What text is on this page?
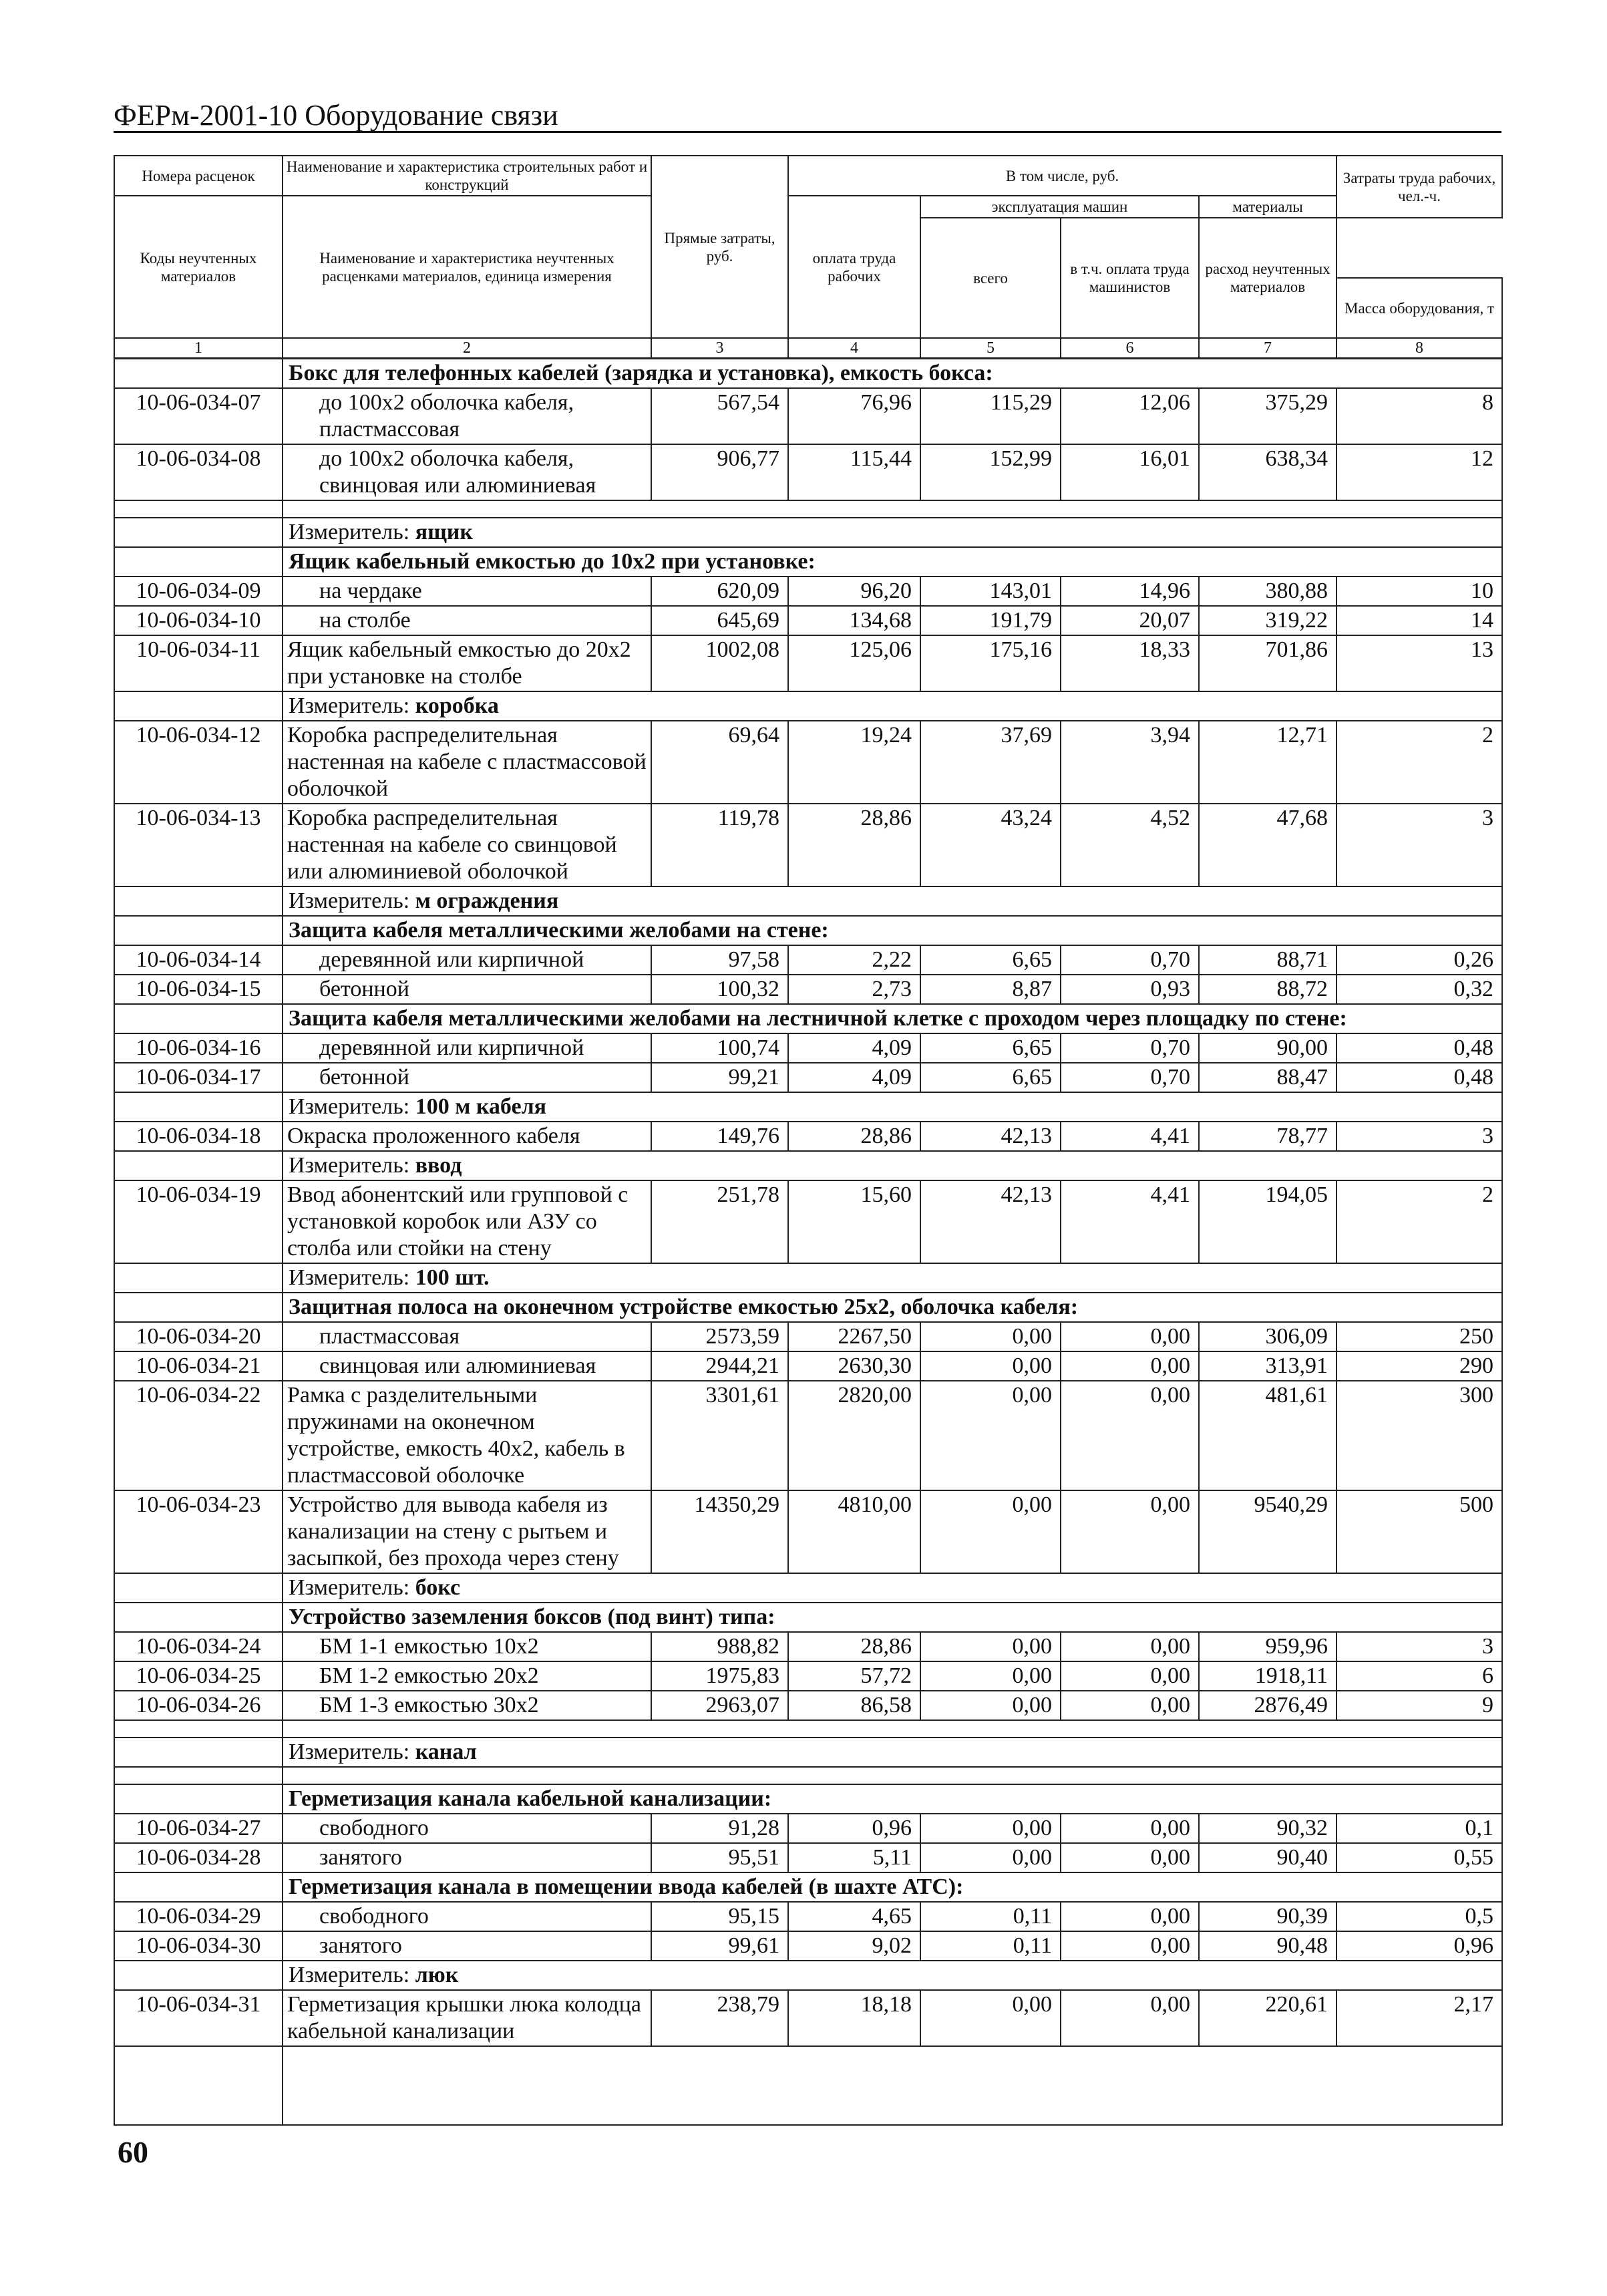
ФЕРм-2001-10 Оборудование связи
Номера расценок	Наименование и характеристика строительных работ и конструкций	Прямые затраты, руб.	В том числе, руб.				Затраты труда рабочих, чел.-ч.
Коды неучтенных материалов	Наименование и характеристика неучтенных расценками материалов, единица измерения		оплата труда рабочих	эксплуатация машин		материалы	
				всего	в т.ч. оплата труда машинистов	расход неучтенных материалов	
							Масса оборудования, т
1	2	3	4	5	6	7	8
	Бокс для телефонных кабелей (зарядка и установка), емкость бокса:						
10-06-034-07	до 100х2 оболочка кабеля, пластмассовая	567,54	76,96	115,29	12,06	375,29	8
10-06-034-08	до 100х2 оболочка кабеля, свинцовая или алюминиевая	906,77	115,44	152,99	16,01	638,34	12

	Измеритель: ящик						
	Ящик кабельный емкостью до 10х2 при установке:						
10-06-034-09	на чердаке	620,09	96,20	143,01	14,96	380,88	10
10-06-034-10	на столбе	645,69	134,68	191,79	20,07	319,22	14
10-06-034-11	Ящик кабельный емкостью до 20х2 при установке на столбе	1002,08	125,06	175,16	18,33	701,86	13
	Измеритель: коробка						
10-06-034-12	Коробка распределительная настенная на кабеле с пластмассовой оболочкой	69,64	19,24	37,69	3,94	12,71	2
10-06-034-13	Коробка распределительная настенная на кабеле со свинцовой или алюминиевой оболочкой	119,78	28,86	43,24	4,52	47,68	3
	Измеритель: м ограждения						
	Защита кабеля металлическими желобами на стене:						
10-06-034-14	деревянной или кирпичной	97,58	2,22	6,65	0,70	88,71	0,26
10-06-034-15	бетонной	100,32	2,73	8,87	0,93	88,72	0,32
	Защита кабеля металлическими желобами на лестничной клетке с проходом через площадку по стене:						
10-06-034-16	деревянной или кирпичной	100,74	4,09	6,65	0,70	90,00	0,48
10-06-034-17	бетонной	99,21	4,09	6,65	0,70	88,47	0,48
	Измеритель: 100 м кабеля						
10-06-034-18	Окраска проложенного кабеля	149,76	28,86	42,13	4,41	78,77	3
	Измеритель: ввод						
10-06-034-19	Ввод абонентский или групповой с установкой коробок или АЗУ со столба или стойки на стену	251,78	15,60	42,13	4,41	194,05	2
	Измеритель: 100 шт.						
	Защитная полоса на оконечном устройстве емкостью 25х2, оболочка кабеля:						
10-06-034-20	пластмассовая	2573,59	2267,50	0,00	0,00	306,09	250
10-06-034-21	свинцовая или алюминиевая	2944,21	2630,30	0,00	0,00	313,91	290
10-06-034-22	Рамка с разделительными пружинами на оконечном устройстве, емкость 40х2, кабель в пластмассовой оболочке	3301,61	2820,00	0,00	0,00	481,61	300
10-06-034-23	Устройство для вывода кабеля из канализации на стену с рытьем и засыпкой, без прохода через стену	14350,29	4810,00	0,00	0,00	9540,29	500
	Измеритель: бокс						
	Устройство заземления боксов (под винт) типа:						
10-06-034-24	БМ 1-1 емкостью 10х2	988,82	28,86	0,00	0,00	959,96	3
10-06-034-25	БМ 1-2 емкостью 20х2	1975,83	57,72	0,00	0,00	1918,11	6
10-06-034-26	БМ 1-3 емкостью 30х2	2963,07	86,58	0,00	0,00	2876,49	9

	Измеритель: канал						

	Герметизация канала кабельной канализации:						
10-06-034-27	свободного	91,28	0,96	0,00	0,00	90,32	0,1
10-06-034-28	занятого	95,51	5,11	0,00	0,00	90,40	0,55
	Герметизация канала в помещении ввода кабелей (в шахте АТС):						
10-06-034-29	свободного	95,15	4,65	0,11	0,00	90,39	0,5
10-06-034-30	занятого	99,61	9,02	0,11	0,00	90,48	0,96
	Измеритель: люк						
10-06-034-31	Герметизация крышки люка колодца кабельной канализации	238,79	18,18	0,00	0,00	220,61	2,17

60
